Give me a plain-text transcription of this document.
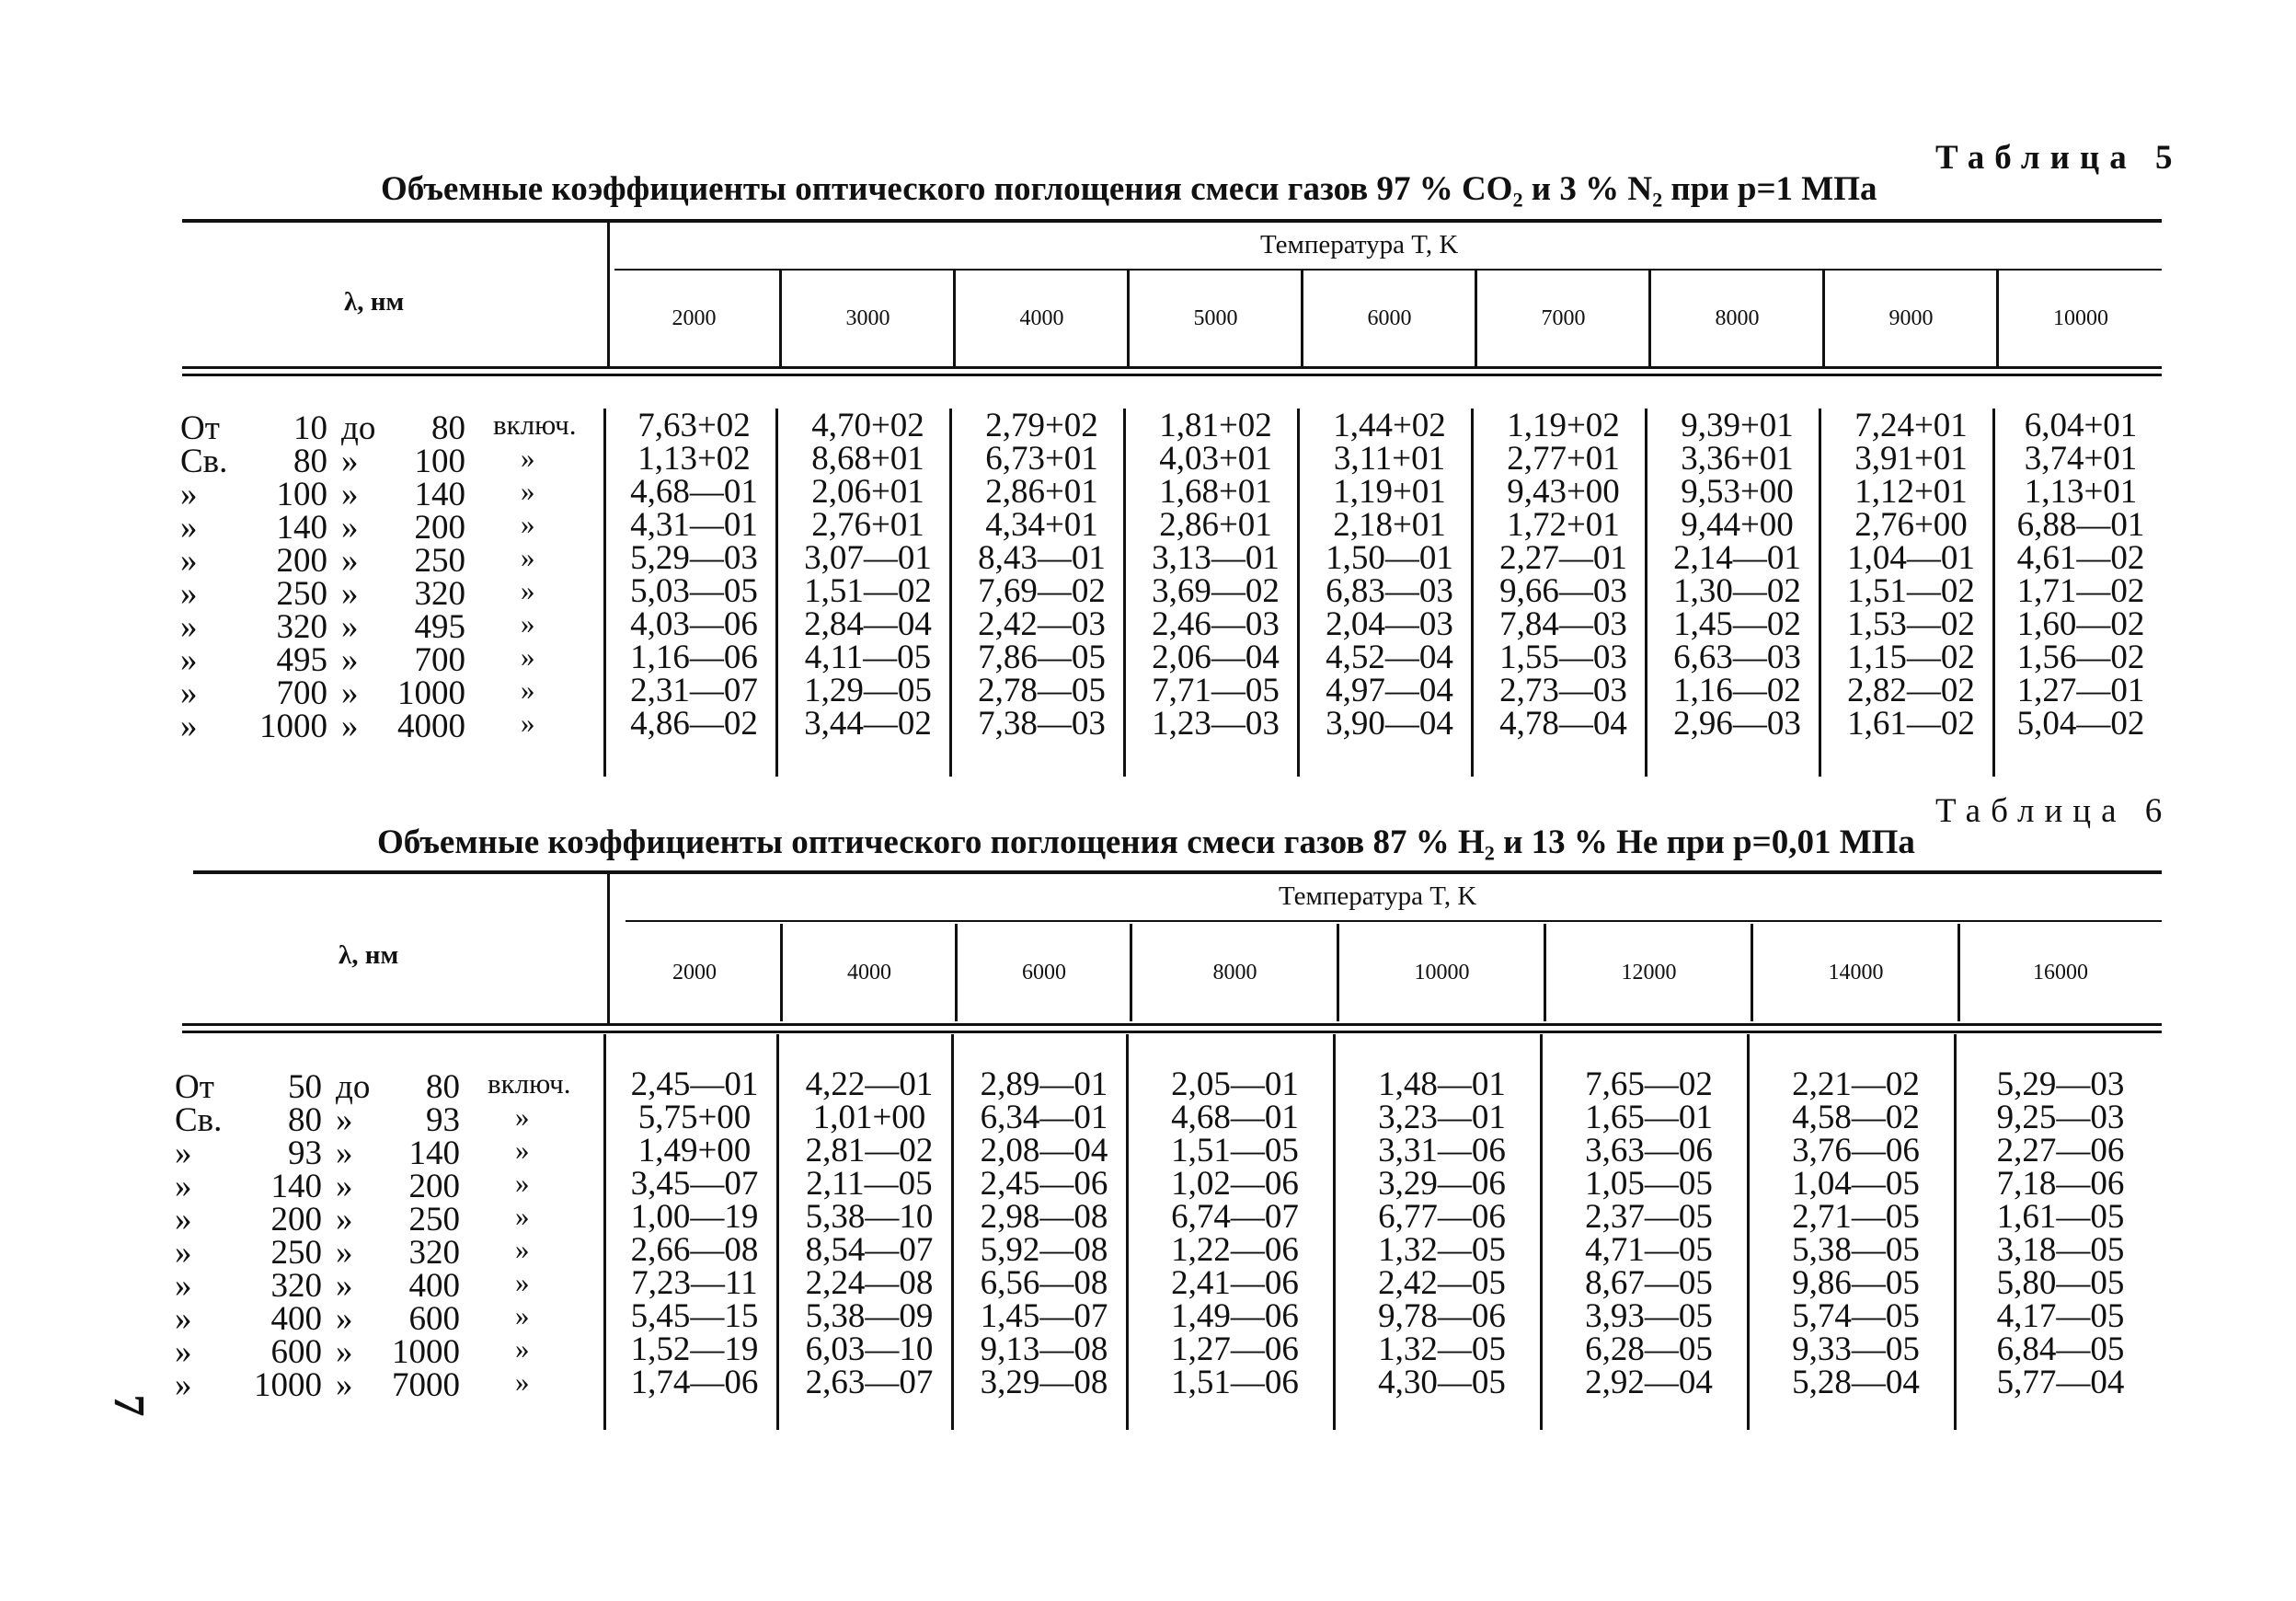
Таблица 5
Объемные коэффициенты оптического поглощения смеси газов 97 % CO₂ и 3 % N₂ при p=1 МПа
Температура T, K
λ, нм
2000	3000	4000	5000	6000	7000	8000	9000	10000
От	10 до	80 включ.	7,63+02	4,70+02	2,79+02	1,81+02	1,44+02	1,19+02	9,39+01	7,24+01	6,04+01
Св.	80 »	100 »	1,13+02	8,68+01	6,73+01	4,03+01	3,11+01	2,77+01	3,36+01	3,91+01	3,74+01
»	100 »	140 »	4,68—01	2,06+01	2,86+01	1,68+01	1,19+01	9,43+00	9,53+00	1,12+01	1,13+01
»	140 »	200 »	4,31—01	2,76+01	4,34+01	2,86+01	2,18+01	1,72+01	9,44+00	2,76+00	6,88—01
»	200 »	250 »	5,29—03	3,07—01	8,43—01	3,13—01	1,50—01	2,27—01	2,14—01	1,04—01	4,61—02
»	250 »	320 »	5,03—05	1,51—02	7,69—02	3,69—02	6,83—03	9,66—03	1,30—02	1,51—02	1,71—02
»	320 »	495 »	4,03—06	2,84—04	2,42—03	2,46—03	2,04—03	7,84—03	1,45—02	1,53—02	1,60—02
»	495 »	700 »	1,16—06	4,11—05	7,86—05	2,06—04	4,52—04	1,55—03	6,63—03	1,15—02	1,56—02
»	700 » 1000 »	2,31—07	1,29—05	2,78—05	7,71—05	4,97—04	2,73—03	1,16—02	2,82—02	1,27—01
»	1000 » 4000 »	4,86—02	3,44—02	7,38—03	1,23—03	3,90—04	4,78—04	2,96—03	1,61—02	5,04—02
Таблица 6
Объемные коэффициенты оптического поглощения смеси газов 87 % H₂ и 13 % He при p=0,01 МПа
Температура T, K
λ, нм
2000	4000	6000	8000	10000	12000	14000	16000
От	50 до	80 включ.	2,45—01	4,22—01	2,89—01	2,05—01	1,48—01	7,65—02	2,21—02	5,29—03
Св.	80 »	93 »	5,75+00	1,01+00	6,34—01	4,68—01	3,23—01	1,65—01	4,58—02	9,25—03
»	93 »	140 »	1,49+00	2,81—02	2,08—04	1,51—05	3,31—06	3,63—06	3,76—06	2,27—06
»	140 »	200 »	3,45—07	2,11—05	2,45—06	1,02—06	3,29—06	1,05—05	1,04—05	7,18—06
»	200 »	250 »	1,00—19	5,38—10	2,98—08	6,74—07	6,77—06	2,37—05	2,71—05	1,61—05
»	250 »	320 »	2,66—08	8,54—07	5,92—08	1,22—06	1,32—05	4,71—05	5,38—05	3,18—05
»	320 »	400 »	7,23—11	2,24—08	6,56—08	2,41—06	2,42—05	8,67—05	9,86—05	5,80—05
»	400 »	600 »	5,45—15	5,38—09	1,45—07	1,49—06	9,78—06	3,93—05	5,74—05	4,17—05
»	600 » 1000 »	1,52—19	6,03—10	9,13—08	1,27—06	1,32—05	6,28—05	9,33—05	6,84—05
»	1000 » 7000 »	1,74—06	2,63—07	3,29—08	1,51—06	4,30—05	2,92—04	5,28—04	5,77—04
7
